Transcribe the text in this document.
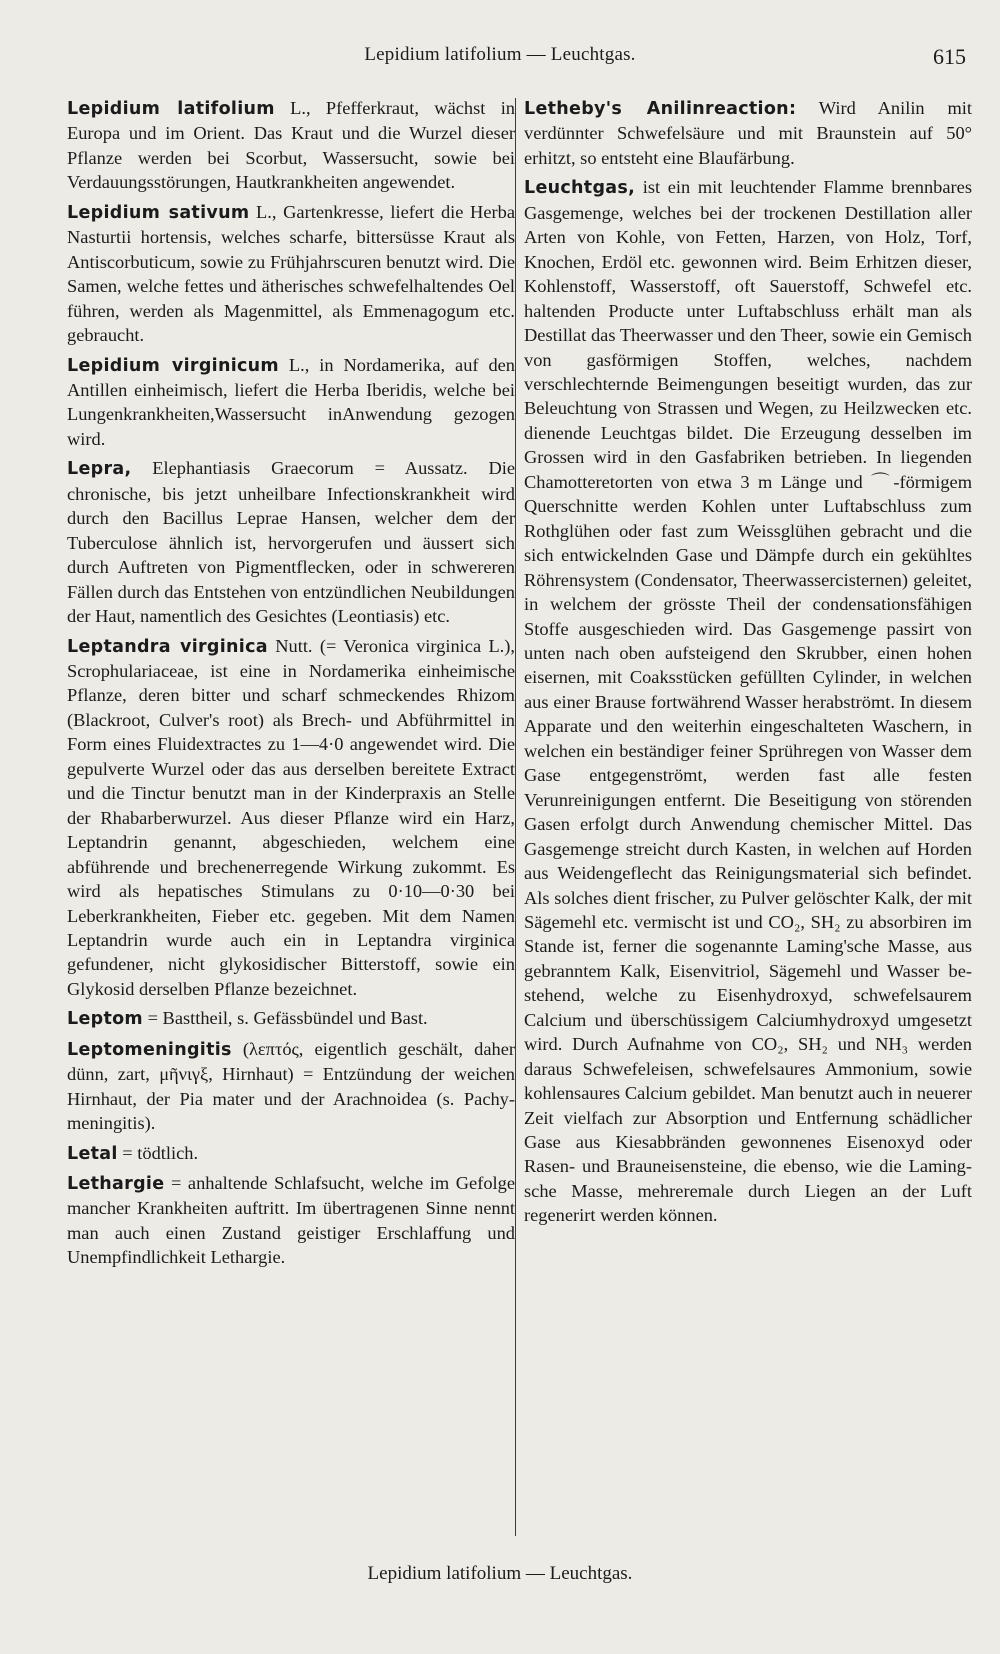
Lepidium latifolium — Leuchtgas.	615

Lepidium latifolium L., Pfefferkraut, wächst in Europa und im Orient. Das Kraut und die Wurzel dieser Pflanze werden bei Scorbut, Wassersucht, sowie bei Verdauungsstörungen, Hautkrankheiten angewendet.

Lepidium sativum L., Gartenkresse, liefert die Herba Nasturtii hortensis, welches scharfe, bittersüsse Kraut als Antiscorbuticum, sowie zu Frühjahrscuren benutzt wird. Die Samen, welche fettes und ätherisches schwefelhaltendes Oel führen, werden als Magenmittel, als Emmenagogum etc. gebraucht.

Lepidium virginicum L., in Nordamerika, auf den Antillen einheimisch, liefert die Herba Iberidis, welche bei Lungenkrankheiten,Wassersucht inAnwendung gezogen wird.

Lepra, Elephantiasis Graecorum = Aussatz. Die chronische, bis jetzt unheilbare Infectionskrankheit wird durch den Bacillus Leprae Hansen, welcher dem der Tuberculose ähnlich ist, hervorgerufen und äussert sich durch Auftreten von Pigmentflecken, oder in schwereren Fällen durch das Entstehen von entzündlichen Neubildungen der Haut, namentlich des Gesichtes (Leontiasis) etc.

Leptandra virginica Nutt. (= Veronica virginica L.), Scrophulariaceae, ist eine in Nordamerika einheimische Pflanze, deren bitter und scharf schmeckendes Rhizom (Blackroot, Culver's root) als Brech- und Abführmittel in Form eines Fluidextractes zu 1—4·0 angewendet wird. Die gepulverte Wurzel oder das aus derselben bereitete Extract und die Tinctur benutzt man in der Kinderpraxis an Stelle der Rhabarberwurzel. Aus dieser Pflanze wird ein Harz, Leptandrin genannt, abgeschieden, welchem eine abführende und brechenerregende Wirkung zukommt. Es wird als hepatisches Stimulans zu 0·10—0·30 bei Leberkrankheiten, Fieber etc. gegeben. Mit dem Namen Leptandrin wurde auch ein in Leptandra virginica gefundener, nicht glykosidischer Bitterstoff, sowie ein Glykosid derselben Pflanze bezeichnet.

Leptom = Basttheil, s. Gefässbündel und Bast.

Leptomeningitis (λεπτός, eigentlich geschält, daher dünn, zart, μῆνιγξ, Hirnhaut) = Entzündung der weichen Hirnhaut, der Pia mater und der Arachnoidea (s. Pachymeningitis).

Letal = tödtlich.

Lethargie = anhaltende Schlafsucht, welche im Gefolge mancher Krankheiten auftritt. Im übertragenen Sinne nennt man auch einen Zustand geistiger Erschlaffung und Unempfindlichkeit Lethargie.

Letheby's Anilinreaction: Wird Anilin mit verdünnter Schwefelsäure und mit Braunstein auf 50° erhitzt, so entsteht eine Blaufärbung.

Leuchtgas, ist ein mit leuchtender Flamme brennbares Gasgemenge, welches bei der trockenen Destillation aller Arten von Kohle, von Fetten, Harzen, von Holz, Torf, Knochen, Erdöl etc. gewonnen wird. Beim Erhitzen dieser, Kohlenstoff, Wasserstoff, oft Sauerstoff, Schwefel etc. haltenden Producte unter Luftabschluss erhält man als Destillat das Theerwasser und den Theer, sowie ein Gemisch von gasförmigen Stoffen, welches, nachdem verschlechternde Beimengungen beseitigt wurden, das zur Beleuchtung von Strassen und Wegen, zu Heilzwecken etc. dienende Leuchtgas bildet. Die Erzeugung desselben im Grossen wird in den Gasfabriken betrieben. In liegenden Chamotteretorten von etwa 3 m Länge und ⌒-förmigem Querschnitte werden Kohlen unter Luftabschluss zum Rothglühen oder fast zum Weissglühen gebracht und die sich entwickelnden Gase und Dämpfe durch ein gekühltes Röhrensystem (Condensator, Theerwassercisternen) geleitet, in welchem der grösste Theil der condensationsfähigen Stoffe ausgeschieden wird. Das Gasgemenge passirt von unten nach oben aufsteigend den Skrubber, einen hohen eisernen, mit Coaksstücken gefüllten Cylinder, in welchen aus einer Brause fortwährend Wasser herabströmt. In diesem Apparate und den weiterhin eingeschalteten Waschern, in welchen ein beständiger feiner Sprühregen von Wasser dem Gase entgegenströmt, werden fast alle festen Verunreinigungen entfernt. Die Beseitigung von störenden Gasen erfolgt durch Anwendung chemischer Mittel. Das Gasgemenge streicht durch Kasten, in welchen auf Horden aus Weidengeflecht das Reinigungsmaterial sich befindet. Als solches dient frischer, zu Pulver gelöschter Kalk, der mit Sägemehl etc. vermischt ist und CO₂, SH₂ zu absorbiren im Stande ist, ferner die sogenannte Laming'sche Masse, aus gebranntem Kalk, Eisenvitriol, Sägemehl und Wasser bestehend, welche zu Eisenhydroxyd, schwefelsaurem Calcium und überschüssigem Calciumhydroxyd umgesetzt wird. Durch Aufnahme von CO₂, SH₂ und NH₃ werden daraus Schwefeleisen, schwefelsaures Ammonium, sowie kohlensaures Calcium gebildet. Man benutzt auch in neuerer Zeit vielfach zur Absorption und Entfernung schädlicher Gase aus Kiesabbränden gewonnenes Eisenoxyd oder Rasen- und Brauneisensteine, die ebenso, wie die Lamingsche Masse, mehreremale durch Liegen an der Luft regenerirt werden können.

Lepidium latifolium — Leuchtgas.
